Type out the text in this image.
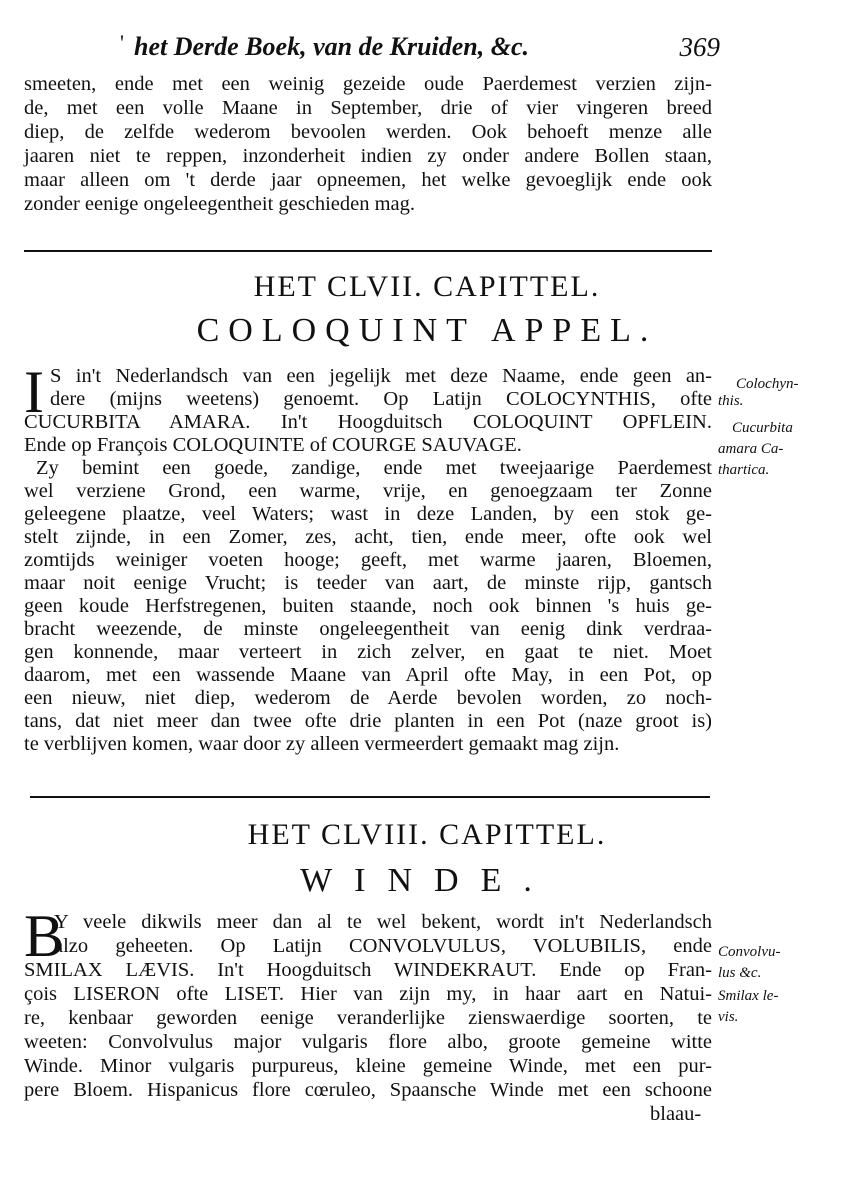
' het Derde Boek, van de Kruiden, &c.	369
smeeten, ende met een weinig gezeide oude Paerdemest verzien zijn-
de, met een volle Maane in September, drie of vier vingeren breed
diep, de zelfde wederom bevoolen werden. Ook behoeft menze alle
jaaren niet te reppen, inzonderheit indien zy onder andere Bollen staan,
maar alleen om 't derde jaar opneemen, het welke gevoeglijk ende ook
zonder eenige ongeleegentheit geschieden mag.
HET CLVII. CAPITTEL.
COLOQUINT APPEL.
I S in't Nederlandsch van een jegelijk met deze Naame, ende geen an-
dere (mijns weetens) genoemt. Op Latijn COLOCYNTHIS, ofte
CUCURBITA AMARA. In't Hoogduitsch COLOQUINT OPFLEIN.
Ende op François COLOQUINTE of COURGE SAUVAGE.
Zy bemint een goede, zandige, ende met tweejaarige Paerdemest
wel verziene Grond, een warme, vrije, en genoegzaam ter Zonne
geleegene plaatze, veel Waters; wast in deze Landen, by een stok ge-
stelt zijnde, in een Zomer, zes, acht, tien, ende meer, ofte ook wel
zomtijds weiniger voeten hooge; geeft, met warme jaaren, Bloemen,
maar noit eenige Vrucht; is teeder van aart, de minste rijp, gantsch
geen koude Herfstregenen, buiten staande, noch ook binnen 's huis ge-
bracht weezende, de minste ongeleegentheit van eenig dink verdraa-
gen konnende, maar verteert in zich zelver, en gaat te niet. Moet
daarom, met een wassende Maane van April ofte May, in een Pot, op
een nieuw, niet diep, wederom de Aerde bevolen worden, zo noch-
tans, dat niet meer dan twee ofte drie planten in een Pot (naze groot is)
te verblijven komen, waar door zy alleen vermeerdert gemaakt mag zijn.
Colochyn-
this.
Cucurbita
amara Ca-
thartica.
HET CLVIII. CAPITTEL.
WINDE.
B
Y veele dikwils meer dan al te wel bekent, wordt in't Nederlandsch
alzo geheeten. Op Latijn CONVOLVULUS, VOLUBILIS, ende
SMILAX LÆVIS. In't Hoogduitsch WINDEKRAUT. Ende op Fran-
çois LISERON ofte LISET. Hier van zijn my, in haar aart en Natui-
re, kenbaar geworden eenige veranderlijke zienswaerdige soorten, te
weeten: Convolvulus major vulgaris flore albo, groote gemeine witte
Winde. Minor vulgaris purpureus, kleine gemeine Winde, met een pur-
pere Bloem. Hispanicus flore cœruleo, Spaansche Winde met een schoone
blaau-
Convolvu-
lus &c.
Smilax le-
vis.
